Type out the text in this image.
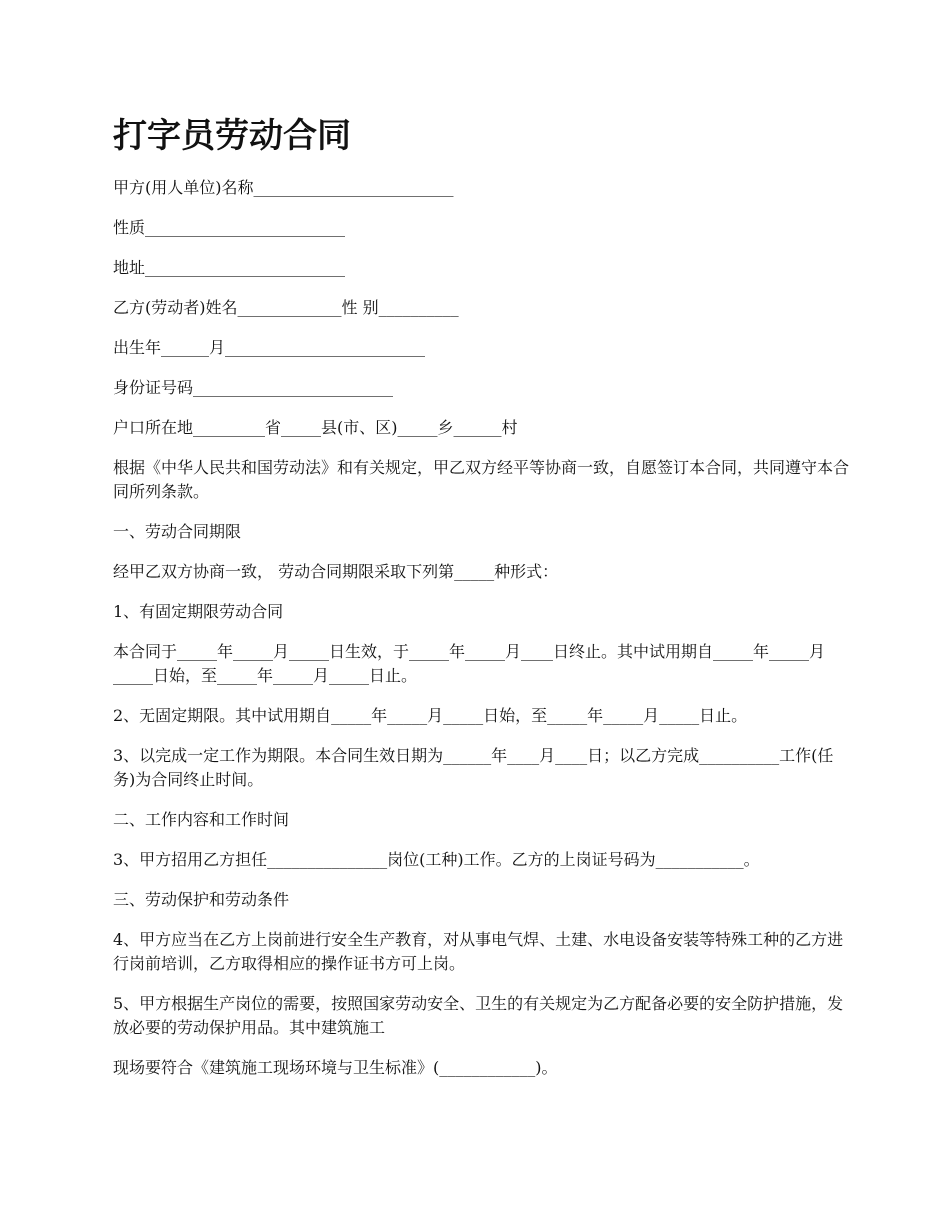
打字员劳动合同

甲方(用人单位)名称_________________________

性质_________________________

地址_________________________

乙方(劳动者)姓名_____________性 别__________

出生年______月_________________________

身份证号码_________________________

户口所在地_________省_____县(市、区)_____乡______村

根据《中华人民共和国劳动法》和有关规定，甲乙双方经平等协商一致，自愿签订本合同，共同遵守本合同所列条款。

一、劳动合同期限

经甲乙双方协商一致， 劳动合同期限采取下列第_____种形式：

1、有固定期限劳动合同

本合同于_____年_____月_____日生效，于_____年_____月____日终止。其中试用期自_____年_____月_____日始，至_____年_____月_____日止。

2、无固定期限。其中试用期自_____年_____月_____日始，至_____年_____月_____日止。

3、以完成一定工作为期限。本合同生效日期为______年____月____日；以乙方完成__________工作(任务)为合同终止时间。

二、工作内容和工作时间

3、甲方招用乙方担任_______________岗位(工种)工作。乙方的上岗证号码为___________。

三、劳动保护和劳动条件

4、甲方应当在乙方上岗前进行安全生产教育，对从事电气焊、土建、水电设备安装等特殊工种的乙方进行岗前培训，乙方取得相应的操作证书方可上岗。

5、甲方根据生产岗位的需要，按照国家劳动安全、卫生的有关规定为乙方配备必要的安全防护措施，发放必要的劳动保护用品。其中建筑施工

现场要符合《建筑施工现场环境与卫生标准》(____________)。
